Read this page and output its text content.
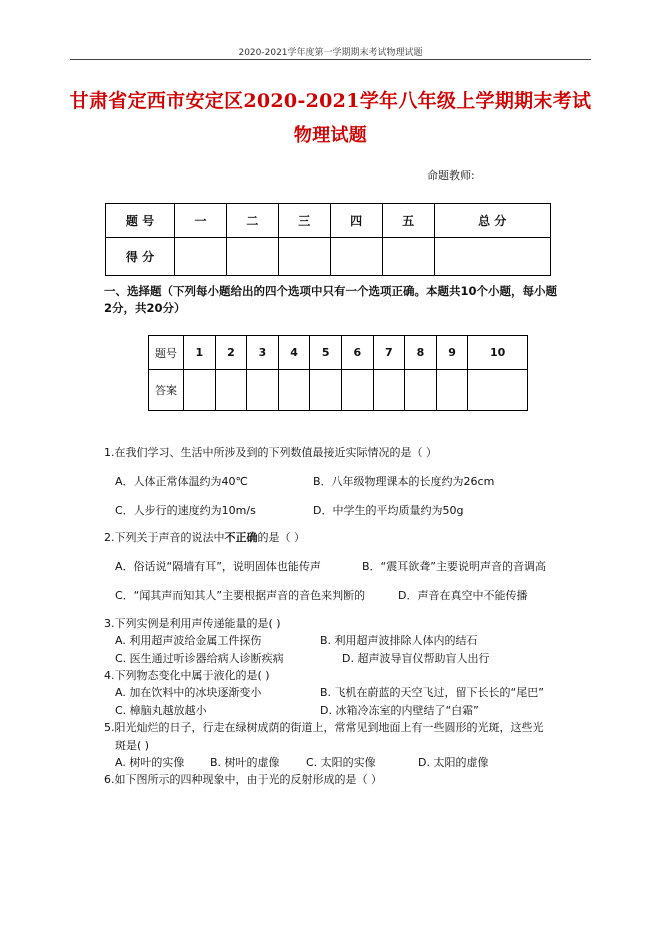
2020-2021学年度第一学期期末考试物理试题
甘肃省定西市安定区2020-2021学年八年级上学期期末考试
物理试题
命题教师:
题 号	一	二	三	四	五	总 分
得 分						
一、选择题（下列每小题给出的四个选项中只有一个选项正确。本题共10个小题，每小题2分，共20分）
题号	1	2	3	4	5	6	7	8	9	10
答案										
1.在我们学习、生活中所涉及到的下列数值最接近实际情况的是（ ）
A．人体正常体温约为40℃	B．八年级物理课本的长度约为26cm
C．人步行的速度约为10m/s	D．中学生的平均质量约为50g
2.下列关于声音的说法中不正确的是（ ）
A．俗话说“隔墙有耳”，说明固体也能传声	B．“震耳欲聋”主要说明声音的音调高
C．“闻其声而知其人”主要根据声音的音色来判断的	D．声音在真空中不能传播
3.下列实例是利用声传递能量的是( )
A. 利用超声波给金属工件探伤	B. 利用超声波排除人体内的结石
C. 医生通过听诊器给病人诊断疾病	D. 超声波导盲仪帮助盲人出行
4.下列物态变化中属于液化的是( )
A. 加在饮料中的冰块逐渐变小	B. 飞机在蔚蓝的天空飞过，留下长长的“尾巴”
C. 樟脑丸越放越小	D. 冰箱冷冻室的内壁结了“白霜”
5.阳光灿烂的日子，行走在绿树成荫的街道上，常常见到地面上有一些圆形的光斑，这些光
斑是( )
A. 树叶的实像 B. 树叶的虚像 C. 太阳的实像	D. 太阳的虚像
6.如下图所示的四种现象中，由于光的反射形成的是（ ）
